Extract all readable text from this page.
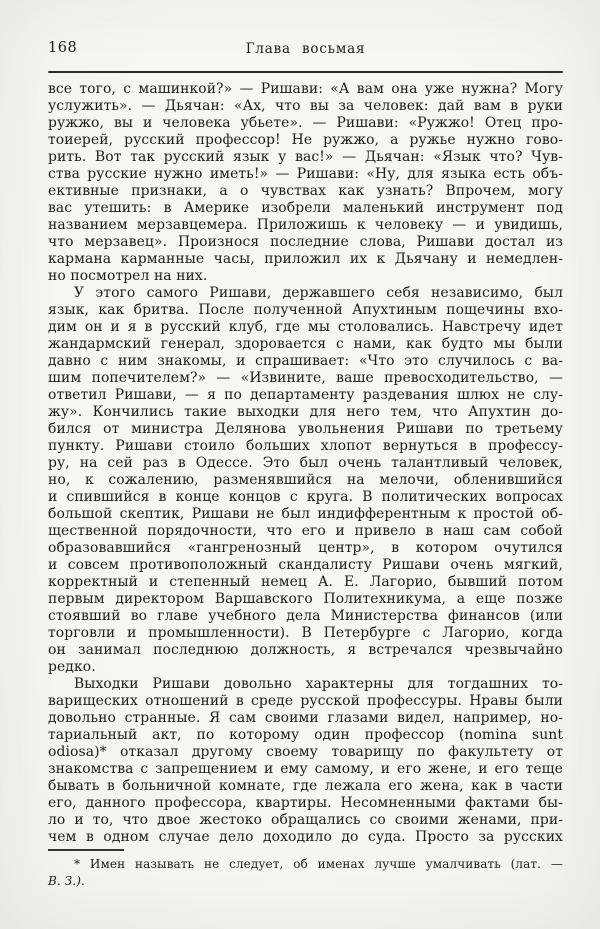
168	Глава восьмая
все того, с машинкой?» — Ришави: «А вам она уже нужна? Могу
услужить». — Дьячан: «Ах, что вы за человек: дай вам в руки
ружжо, вы и человека убьете». — Ришави: «Ружжо! Отец про-
тоиерей, русский профессор! Не ружжо, а ружье нужно гово-
рить. Вот так русский язык у вас!» — Дьячан: «Язык что? Чув-
ства русские нужно иметь!» — Ришави: «Ну, для языка есть объ-
ективные признаки, а о чувствах как узнать? Впрочем, могу
вас утешить: в Америке изобрели маленький инструмент под
названием мерзавцемера. Приложишь к человеку — и увидишь,
что мерзавец». Произнося последние слова, Ришави достал из
кармана карманные часы, приложил их к Дьячану и немедлен-
но посмотрел на них.
У этого самого Ришави, державшего себя независимо, был
язык, как бритва. После полученной Апухтиным пощечины вхо-
дим он и я в русский клуб, где мы столовались. Навстречу идет
жандармский генерал, здоровается с нами, как будто мы были
давно с ним знакомы, и спрашивает: «Что это случилось с ва-
шим попечителем?» — «Извините, ваше превосходительство, —
ответил Ришави, — я по департаменту раздевания шлюх не слу-
жу». Кончились такие выходки для него тем, что Апухтин до-
бился от министра Делянова увольнения Ришави по третьему
пункту. Ришави стоило больших хлопот вернуться в профессу-
ру, на сей раз в Одессе. Это был очень талантливый человек,
но, к сожалению, разменявшийся на мелочи, обленившийся
и спившийся в конце концов с круга. В политических вопросах
большой скептик, Ришави не был индифферентным к простой об-
щественной порядочности, что его и привело в наш сам собой
образовавшийся «гангренозный центр», в котором очутился
и совсем противоположный скандалисту Ришави очень мягкий,
корректный и степенный немец А. Е. Лагорио, бывший потом
первым директором Варшавского Политехникума, а еще позже
стоявший во главе учебного дела Министерства финансов (или
торговли и промышленности). В Петербурге с Лагорио, когда
он занимал последнюю должность, я встречался чрезвычайно
редко.
Выходки Ришави довольно характерны для тогдашних то-
варищеских отношений в среде русской профессуры. Нравы были
довольно странные. Я сам своими глазами видел, например, но-
тариальный акт, по которому один профессор (nomina sunt
odiosa)* отказал другому своему товарищу по факультету от
знакомства с запрещением и ему самому, и его жене, и его теще
бывать в больничной комнате, где лежала его жена, как в части
его, данного профессора, квартиры. Несомненными фактами бы-
ло и то, что двое жестоко обращались со своими женами, при-
чем в одном случае дело доходило до суда. Просто за русских
* Имен называть не следует, об именах лучше умалчивать (лат. —
В. З.).
